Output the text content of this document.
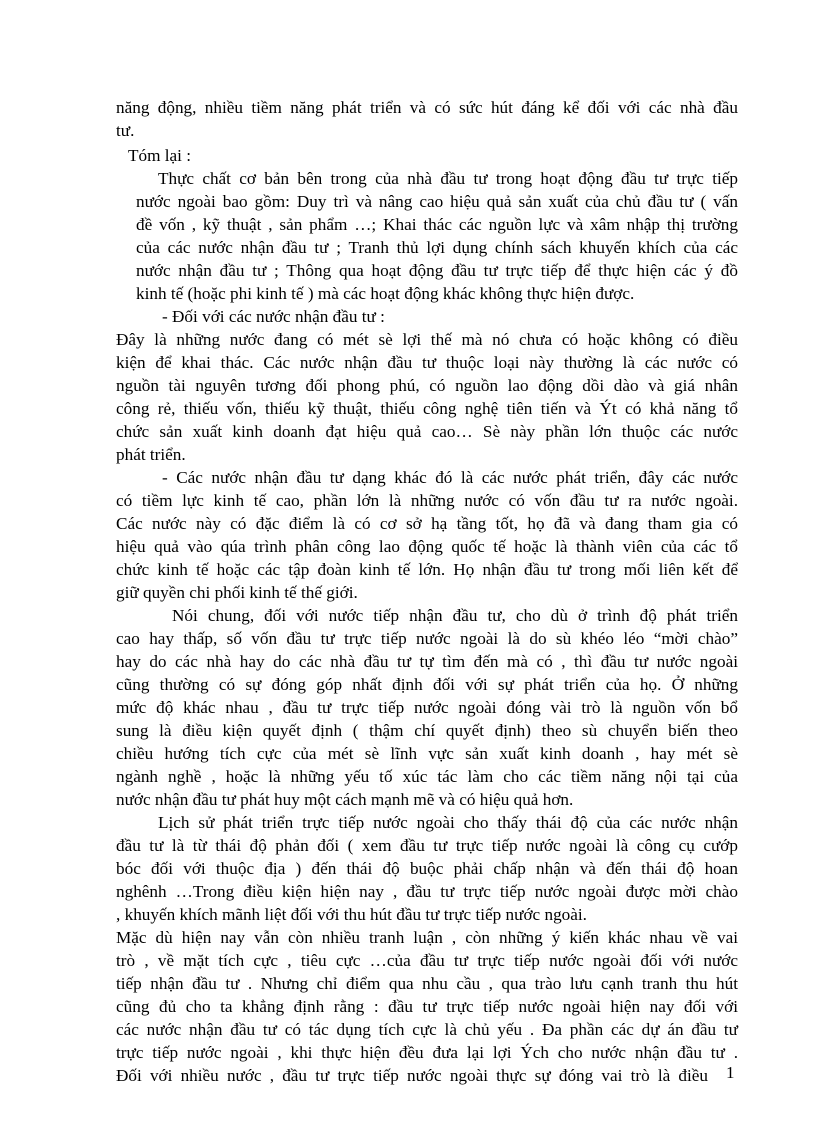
năng động, nhiều tiềm năng phát triển và có sức hút đáng kể đối với các nhà đầu
tư.
Tóm lại :
Thực chất cơ bản bên trong của nhà đầu tư trong hoạt động đầu tư trực tiếp
nước ngoài bao gồm: Duy trì và nâng cao hiệu quả sản xuất của chủ đầu tư ( vấn
đề vốn , kỹ thuật , sản phẩm …; Khai thác các nguồn lực và xâm nhập thị trường
của các nước nhận đầu tư ; Tranh thủ lợi dụng chính sách khuyến khích của các
nước nhận đầu tư ; Thông qua hoạt động đầu tư trực tiếp để thực hiện các ý đồ
kinh tế (hoặc phi kinh tế ) mà các hoạt động khác không thực hiện được.
- Đối với các nước nhận đầu tư :
Đây là những nước đang có mét sè lợi thế mà nó chưa có hoặc không có điều
kiện để khai thác. Các nước nhận đầu tư thuộc loại này thường là các nước có
nguồn tài nguyên tương đối phong phú, có nguồn lao động dồi dào và giá nhân
công rẻ, thiếu vốn, thiếu kỹ thuật, thiếu công nghệ tiên tiến và Ýt có khả năng tổ
chức sản xuất kinh doanh đạt hiệu quả cao… Sè này phần lớn thuộc các nước
phát triển.
- Các nước nhận đầu tư dạng khác đó là các nước phát triển, đây các nước
có tiềm lực kinh tế cao, phần lớn là những nước có vốn đầu tư ra nước ngoài.
Các nước này có đặc điểm là có cơ sở hạ tầng tốt, họ đã và đang tham gia có
hiệu quả vào qúa trình phân công lao động quốc tế hoặc là thành viên của các tổ
chức kinh tế hoặc các tập đoàn kinh tế lớn. Họ nhận đầu tư trong mối liên kết để
giữ quyền chi phối kinh tế thế giới.
Nói chung, đối với nước tiếp nhận đầu tư, cho dù ở trình độ phát triển
cao hay thấp, số vốn đầu tư trực tiếp nước ngoài là do sù khéo léo “mời chào”
hay do các nhà hay do các nhà đầu tư tự tìm đến mà có , thì đầu tư nước ngoài
cũng thường có sự đóng góp nhất định đối với sự phát triển của họ. Ở những
mức độ khác nhau , đầu tư trực tiếp nước ngoài đóng vài trò là nguồn vốn bổ
sung là điều kiện quyết định ( thậm chí quyết định) theo sù chuyển biến theo
chiều hướng tích cực của mét sè lĩnh vực sản xuất kinh doanh , hay mét sè
ngành nghề , hoặc là những yếu tố xúc tác làm cho các tiềm năng nội tại của
nước nhận đầu tư phát huy một cách mạnh mẽ và có hiệu quả hơn.
Lịch sử phát triển trực tiếp nước ngoài cho thấy thái độ của các nước nhận
đầu tư là từ thái độ phản đối ( xem đầu tư trực tiếp nước ngoài là công cụ cướp
bóc đối với thuộc địa ) đến thái độ buộc phải chấp nhận và đến thái độ hoan
nghênh …Trong điều kiện hiện nay , đầu tư trực tiếp nước ngoài được mời chào
, khuyến khích mãnh liệt đối với thu hút đầu tư trực tiếp nước ngoài.
Mặc dù hiện nay vẫn còn nhiều tranh luận , còn những ý kiến khác nhau về vai
trò , về mặt tích cực , tiêu cực …của đầu tư trực tiếp nước ngoài đối với nước
tiếp nhận đầu tư . Nhưng chỉ điểm qua nhu cầu , qua trào lưu cạnh tranh thu hút
cũng đủ cho ta khẳng định rằng : đầu tư trực tiếp nước ngoài hiện nay đối với
các nước nhận đầu tư có tác dụng tích cực là chủ yếu . Đa phần các dự án đầu tư
trực tiếp nước ngoài , khi thực hiện đều đưa lại lợi Ých cho nước nhận đầu tư .
Đối với nhiều nước , đầu tư trực tiếp nước ngoài thực sự đóng vai trò là điều 1
